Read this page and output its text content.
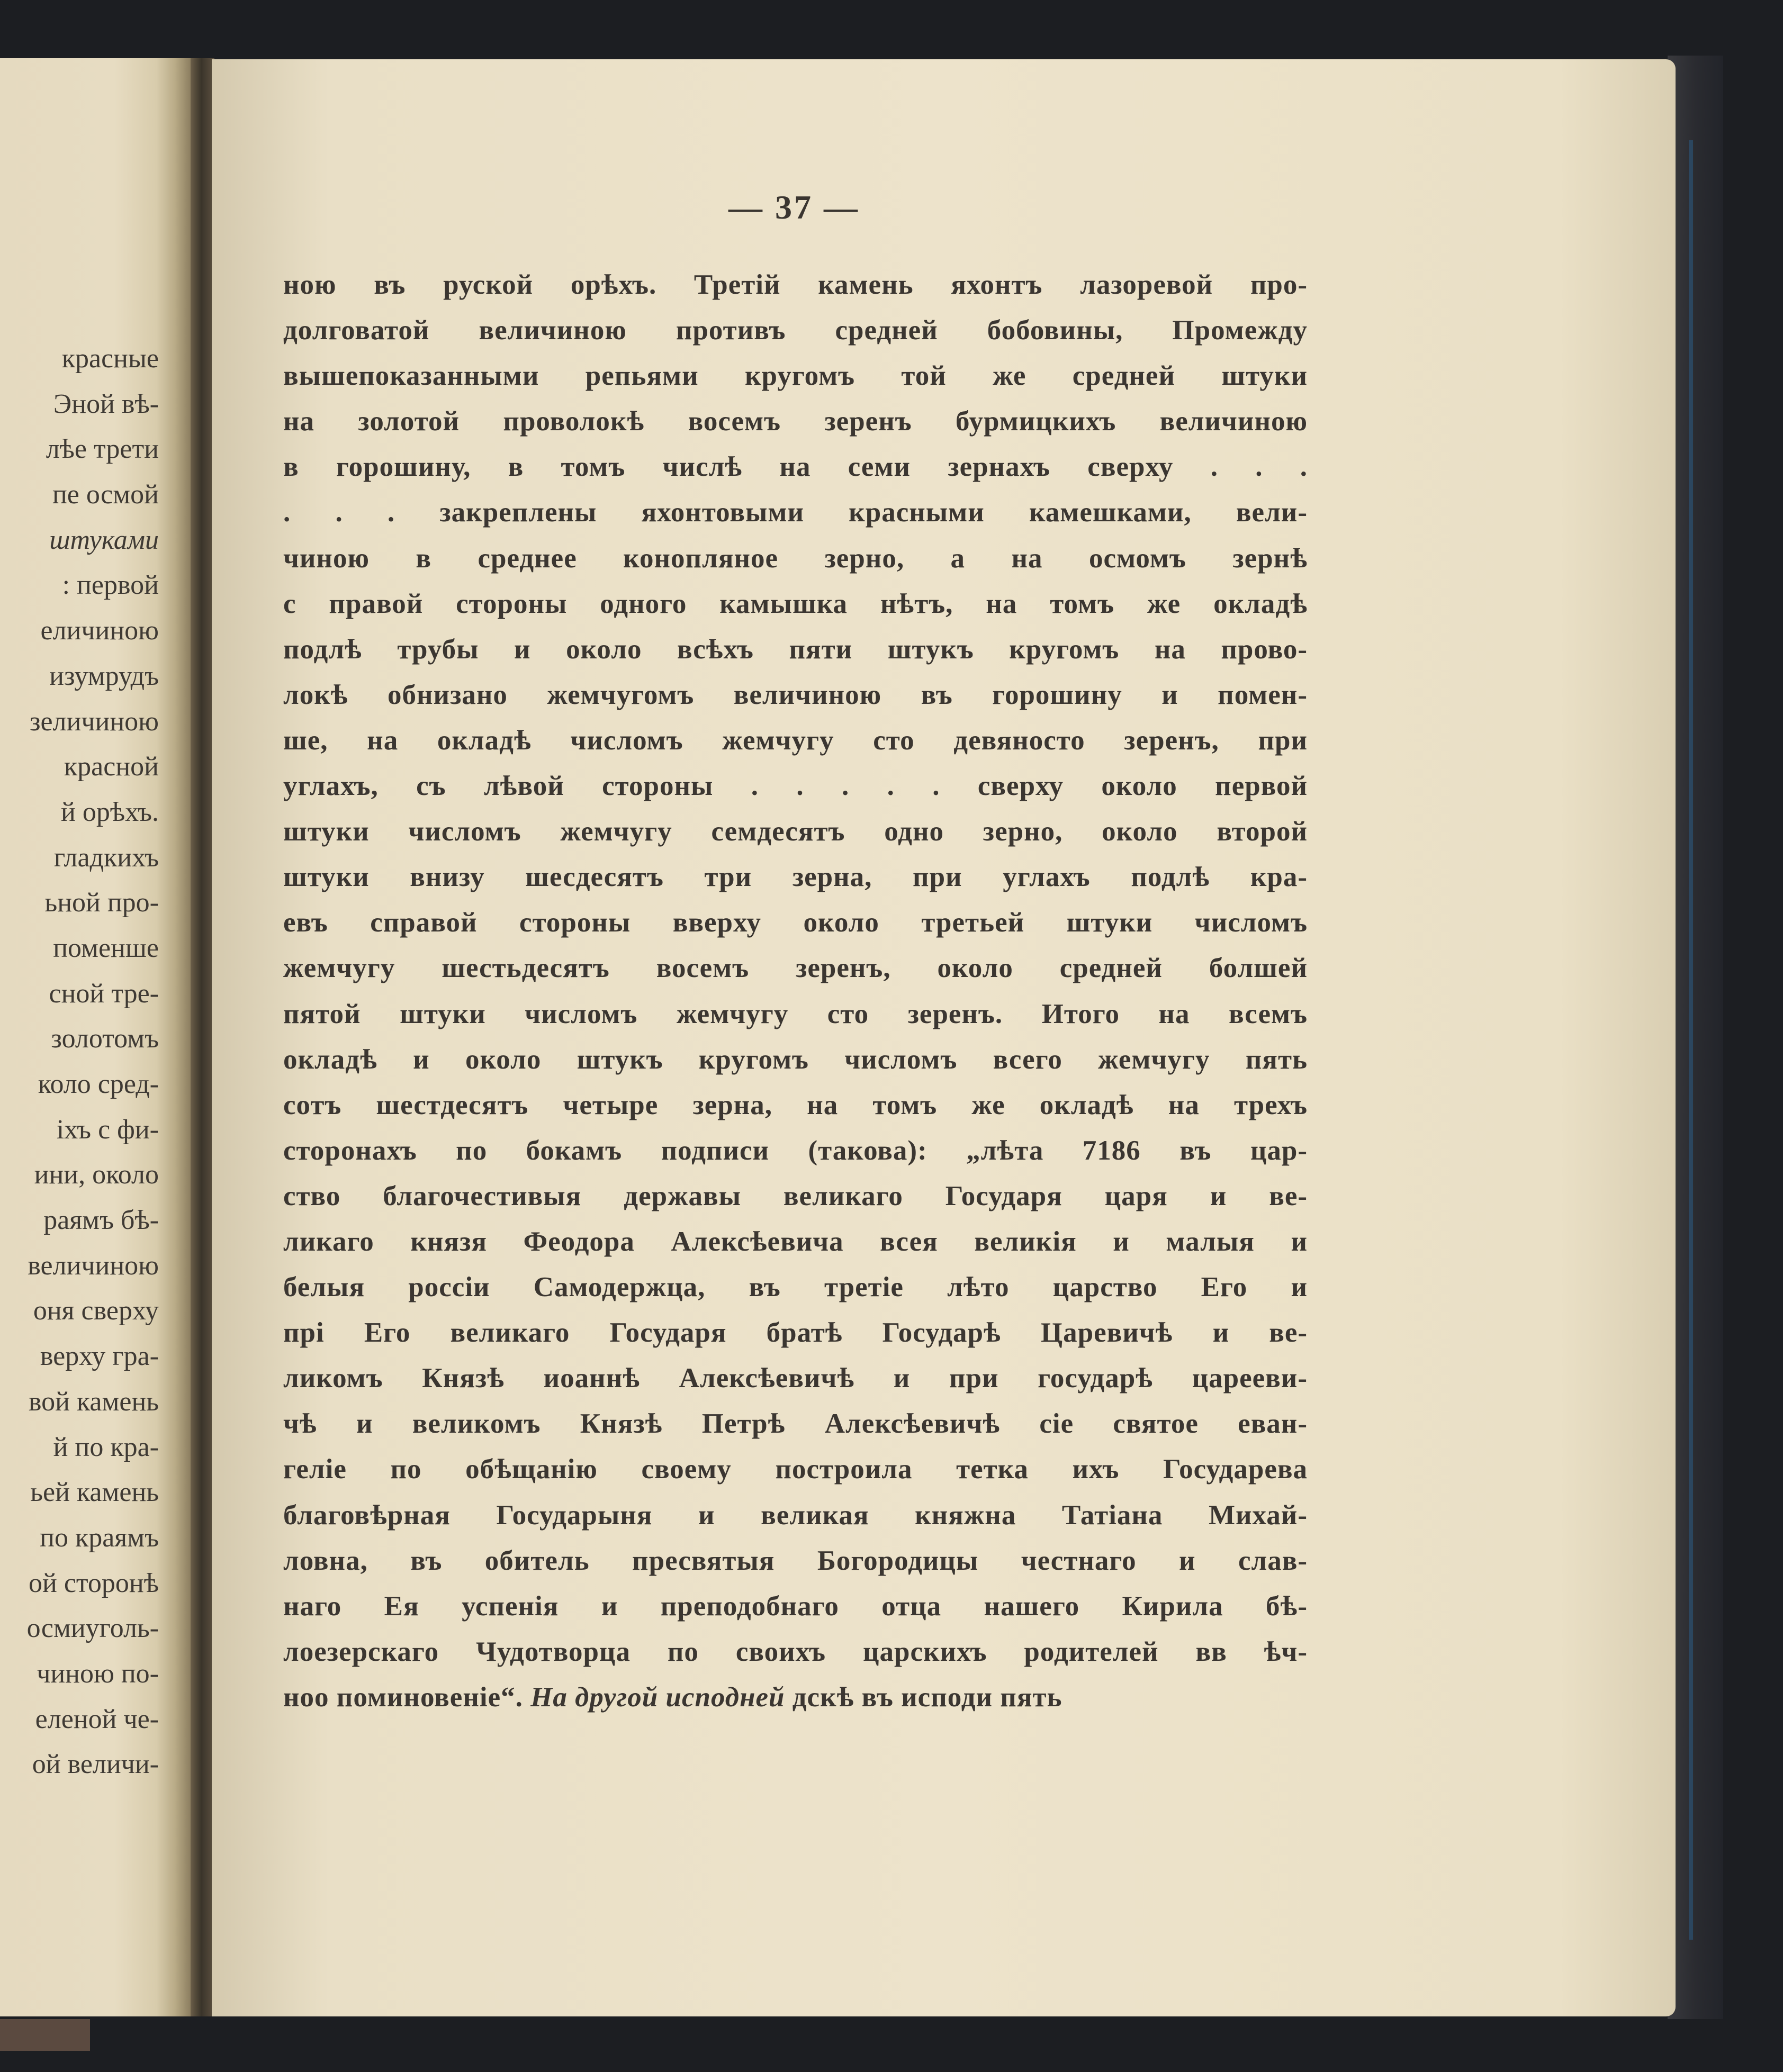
красные
Эной вѣ-
лѣе трети
пе осмой
штуками
: первой
еличиною
изумрудъ
зеличиною
красной
й орѣхъ.
гладкихъ
ьной про-
поменше
сной тре-
золотомъ
коло сред-
іхъ с фи-
ини, около
раямъ бѣ-
величиною
оня сверху
верху гра-
вой камень
й по кра-
ьей камень
по краямъ
ой сторонѣ
осмиуголь-
чиною по-
еленой че-
ой величи-
— 37 —
ною въ руской орѣхъ. Третій камень яхонтъ лазоревой про-
долговатой величиною противъ средней бобовины, Промежду
вышепоказанными репьями кругомъ той же средней штуки
на золотой проволокѣ восемъ зеренъ бурмицкихъ величиною
в горошину, в томъ числѣ на семи зернахъ сверху . . .
. . . закреплены яхонтовыми красными камешками, вели-
чиною в среднее конопляное зерно, а на осмомъ зернѣ
с правой стороны одного камышка нѣтъ, на томъ же окладѣ
подлѣ трубы и около всѣхъ пяти штукъ кругомъ на прово-
локѣ обнизано жемчугомъ величиною въ горошину и помен-
ше, на окладѣ числомъ жемчугу сто девяносто зеренъ, при
углахъ, съ лѣвой стороны . . . . . сверху около первой
штуки числомъ жемчугу семдесятъ одно зерно, около второй
штуки внизу шесдесятъ три зерна, при углахъ подлѣ кра-
евъ справой стороны вверху около третьей штуки числомъ
жемчугу шестьдесятъ восемъ зеренъ, около средней болшей
пятой штуки числомъ жемчугу сто зеренъ. Итого на всемъ
окладѣ и около штукъ кругомъ числомъ всего жемчугу пять
сотъ шестдесятъ четыре зерна, на томъ же окладѣ на трехъ
сторонахъ по бокамъ подписи (такова): „лѣта 7186 въ цар-
ство благочестивыя державы великаго Государя царя и ве-
ликаго князя Феодора Алексѣевича всея великія и малыя и
белыя россіи Самодержца, въ третіе лѣто царство Его и
прі Его великаго Государя братѣ Государѣ Царевичѣ и ве-
ликомъ Князѣ иоаннѣ Алексѣевичѣ и при государѣ царееви-
чѣ и великомъ Князѣ Петрѣ Алексѣевичѣ сіе святое еван-
геліе по обѣщанію своему построила тетка ихъ Государева
благовѣрная Государыня и великая княжна Татіана Михай-
ловна, въ обитель пресвятыя Богородицы честнаго и слав-
наго Ея успенія и преподобнаго отца нашего Кирила бѣ-
лоезерскаго Чудотворца по своихъ царскихъ родителей вв ѣч-
ноо поминовеніе“. На другой исподней дскѣ въ исподи пять
